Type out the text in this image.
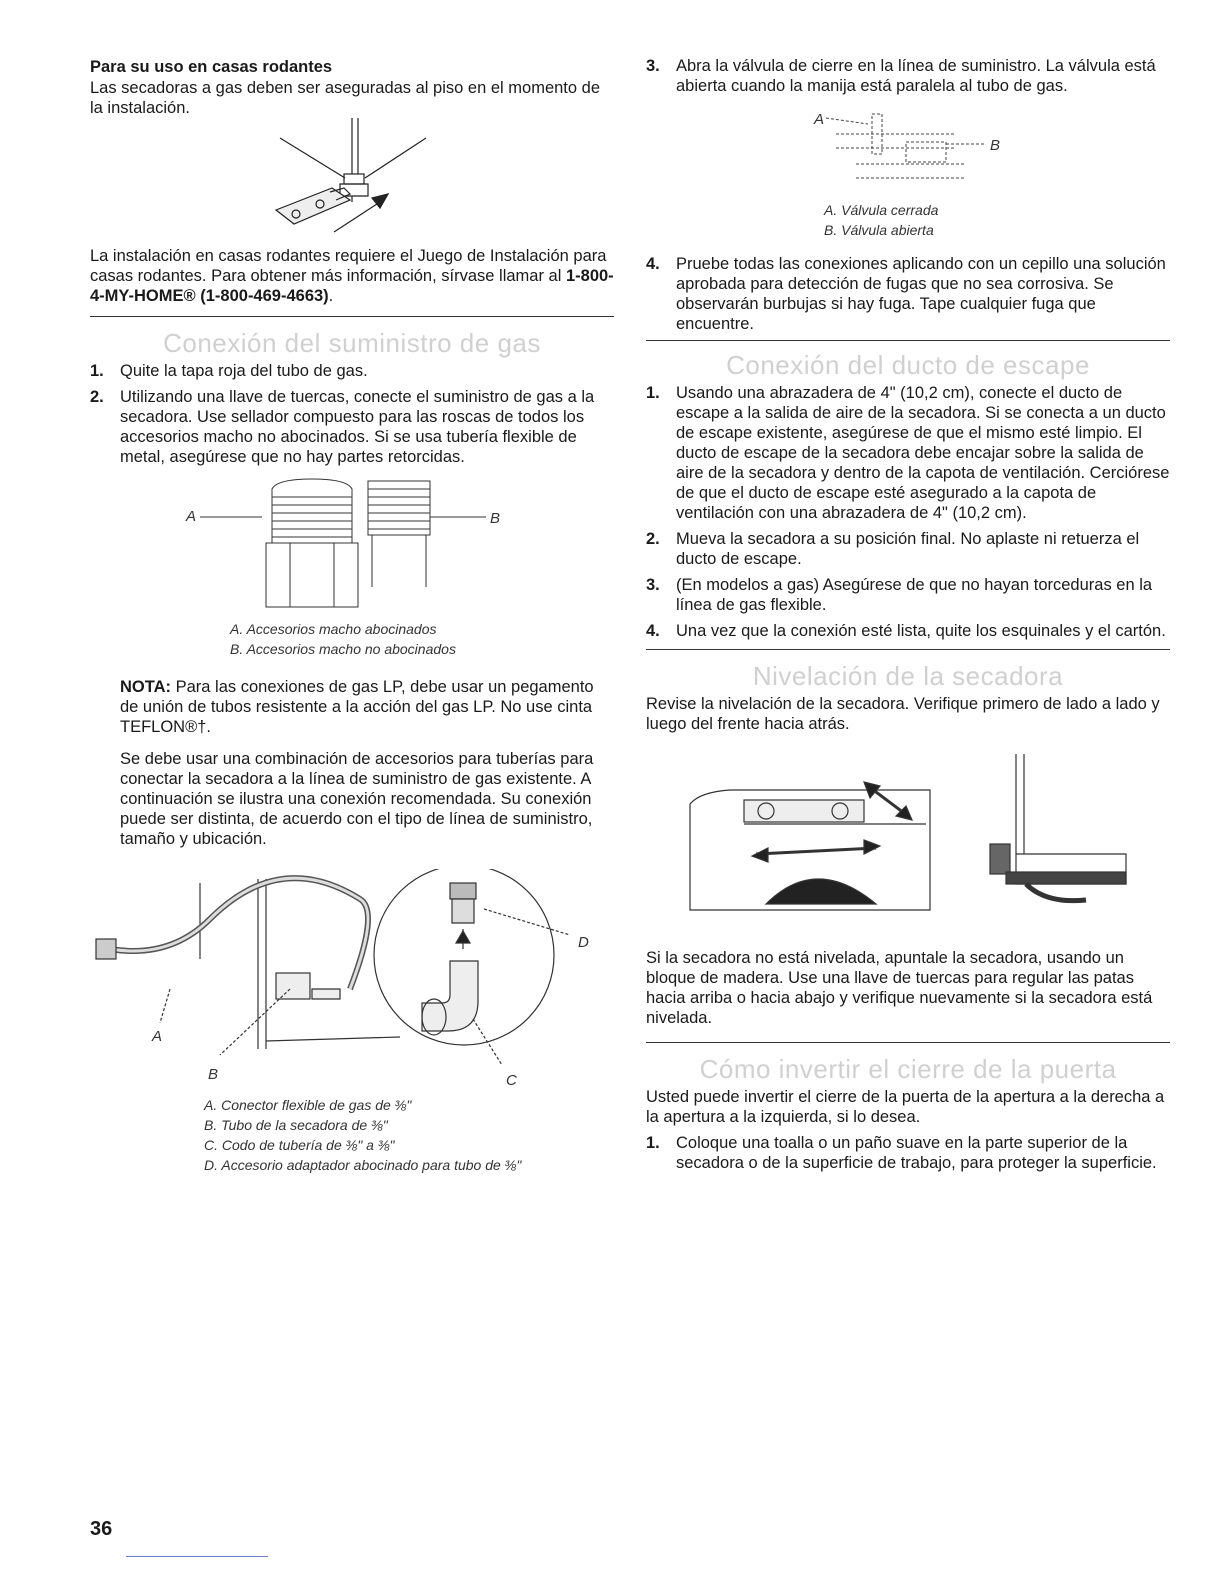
Para su uso en casas rodantes

Las secadoras a gas deben ser aseguradas al piso en el momento de la instalación.

La instalación en casas rodantes requiere el Juego de Instalación para casas rodantes. Para obtener más información, sírvase llamar al 1-800-4-MY-HOME® (1-800-469-4663).

Conexión del suministro de gas
1. Quite la tapa roja del tubo de gas.
2. Utilizando una llave de tuercas, conecte el suministro de gas a la secadora. Use sellador compuesto para las roscas de todos los accesorios macho no abocinados. Si se usa tubería flexible de metal, asegúrese que no hay partes retorcidas.
A	B
A. Accesorios macho abocinados
B. Accesorios macho no abocinados

NOTA: Para las conexiones de gas LP, debe usar un pegamento de unión de tubos resistente a la acción del gas LP. No use cinta TEFLON®†.

Se debe usar una combinación de accesorios para tuberías para conectar la secadora a la línea de suministro de gas existente. A continuación se ilustra una conexión recomendada. Su conexión puede ser distinta, de acuerdo con el tipo de línea de suministro, tamaño y ubicación.

A
B	C
D
A. Conector flexible de gas de ⅜"
B. Tubo de la secadora de ⅜"
C. Codo de tubería de ⅜" a ⅜"
D. Accesorio adaptador abocinado para tubo de ⅜"
3. Abra la válvula de cierre en la línea de suministro. La válvula está abierta cuando la manija está paralela al tubo de gas.
A
B
A. Válvula cerrada
B. Válvula abierta
4. Pruebe todas las conexiones aplicando con un cepillo una solución aprobada para detección de fugas que no sea corrosiva. Se observarán burbujas si hay fuga. Tape cualquier fuga que encuentre.
Conexión del ducto de escape
1. Usando una abrazadera de 4" (10,2 cm), conecte el ducto de escape a la salida de aire de la secadora. Si se conecta a un ducto de escape existente, asegúrese de que el mismo esté limpio. El ducto de escape de la secadora debe encajar sobre la salida de aire de la secadora y dentro de la capota de ventilación. Cerciórese de que el ducto de escape esté asegurado a la capota de ventilación con una abrazadera de 4" (10,2 cm).
2. Mueva la secadora a su posición final. No aplaste ni retuerza el ducto de escape.
3. (En modelos a gas) Asegúrese de que no hayan torceduras en la línea de gas flexible.
4. Una vez que la conexión esté lista, quite los esquinales y el cartón.
Nivelación de la secadora

Revise la nivelación de la secadora. Verifique primero de lado a lado y luego del frente hacia atrás.

Si la secadora no está nivelada, apuntale la secadora, usando un bloque de madera. Use una llave de tuercas para regular las patas hacia arriba o hacia abajo y verifique nuevamente si la secadora está nivelada.

Cómo invertir el cierre de la puerta

Usted puede invertir el cierre de la puerta de la apertura a la derecha a la apertura a la izquierda, si lo desea.

1. Coloque una toalla o un paño suave en la parte superior de la secadora o de la superficie de trabajo, para proteger la superficie.
36
